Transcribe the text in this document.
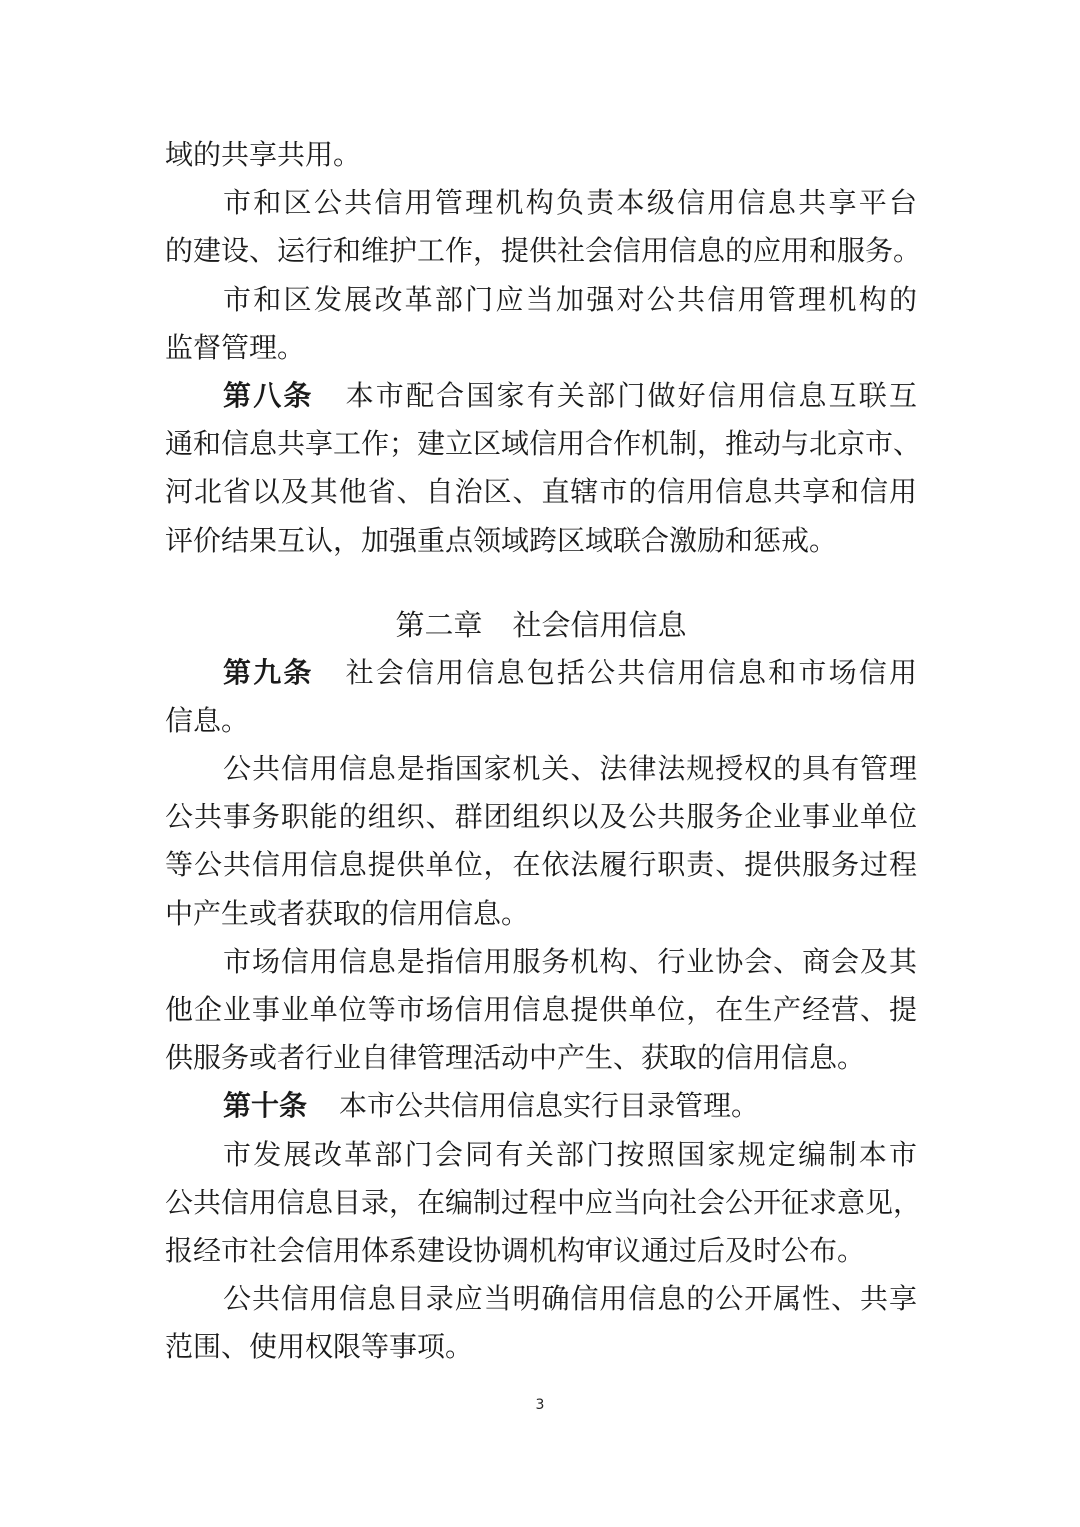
域的共享共用。
市和区公共信用管理机构负责本级信用信息共享平台
的建设、运行和维护工作，提供社会信用信息的应用和服务。
市和区发展改革部门应当加强对公共信用管理机构的
监督管理。
第八条 本市配合国家有关部门做好信用信息互联互
通和信息共享工作；建立区域信用合作机制，推动与北京市、
河北省以及其他省、自治区、直辖市的信用信息共享和信用
评价结果互认，加强重点领域跨区域联合激励和惩戒。
第二章 社会信用信息
第九条 社会信用信息包括公共信用信息和市场信用
信息。
公共信用信息是指国家机关、法律法规授权的具有管理
公共事务职能的组织、群团组织以及公共服务企业事业单位
等公共信用信息提供单位，在依法履行职责、提供服务过程
中产生或者获取的信用信息。
市场信用信息是指信用服务机构、行业协会、商会及其
他企业事业单位等市场信用信息提供单位，在生产经营、提
供服务或者行业自律管理活动中产生、获取的信用信息。
第十条 本市公共信用信息实行目录管理。
市发展改革部门会同有关部门按照国家规定编制本市
公共信用信息目录，在编制过程中应当向社会公开征求意见，
报经市社会信用体系建设协调机构审议通过后及时公布。
公共信用信息目录应当明确信用信息的公开属性、共享
范围、使用权限等事项。
3
